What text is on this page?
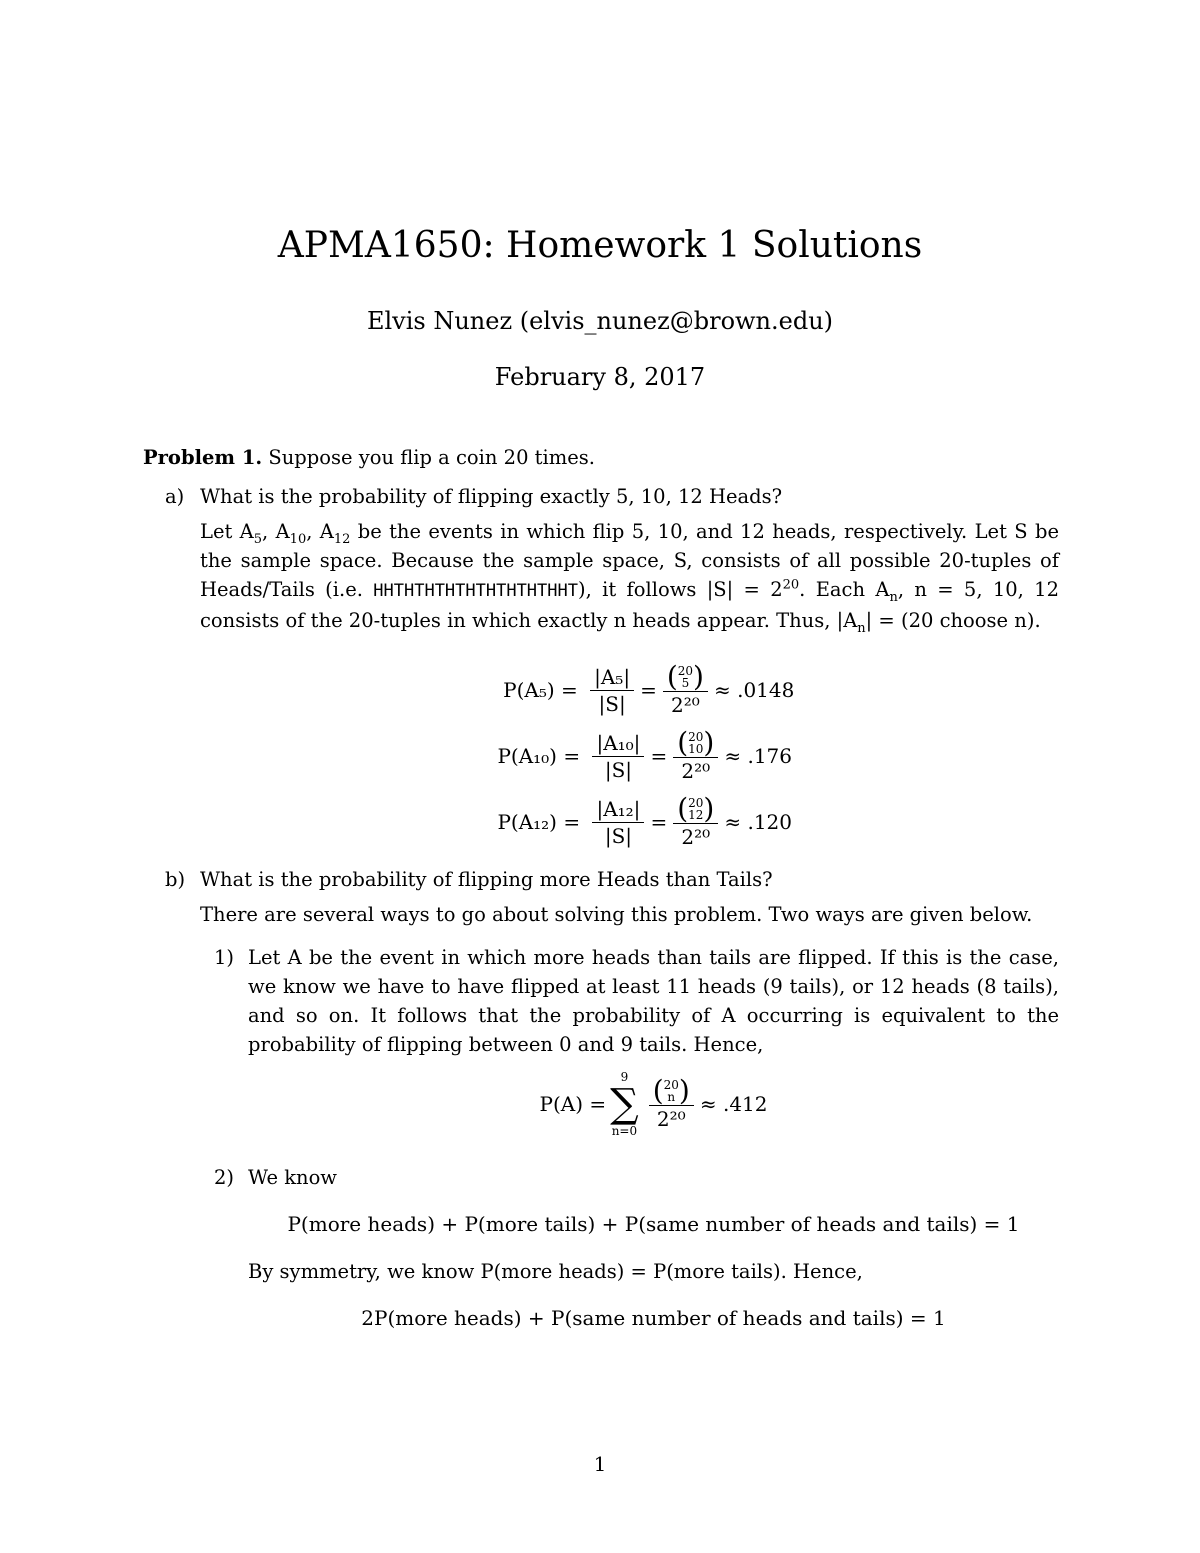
APMA1650: Homework 1 Solutions
Elvis Nunez (elvis_nunez@brown.edu)
February 8, 2017

Problem 1. Suppose you flip a coin 20 times.

a) What is the probability of flipping exactly 5, 10, 12 Heads?

Let $A_5$, $A_{10}$, $A_{12}$ be the events in which flip 5, 10, and 12 heads, respectively. Let S be the sample space. Because the sample space, S, consists of all possible 20-tuples of Heads/Tails (i.e. HHTHTHTHTHTHTHTHTHHT), it follows $|S| = 2^{20}$. Each $A_n$, n = 5, 10, 12 consists of the 20-tuples in which exactly n heads appear. Thus, $|A_n| = (20$ choose n).

$P(A_5) = \frac{\text{|A₅|}}{|S|}$ = ( 20
5 )
2²⁰ ≈ .0148
$P(A_{10}) = \frac{\text{|A₁₀|}}{|S|}$ = ( 20
10 )
2²⁰ ≈ .176
$P(A_{12}) = \frac{\text{|A₁₂|}}{|S|}$ = ( 20
12 )
2²⁰ ≈ .120
b) What is the probability of flipping more Heads than Tails?

There are several ways to go about solving this problem. Two ways are given below.

1) Let A be the event in which more heads than tails are flipped. If this is the case, we know we have to have flipped at least 11 heads (9 tails), or 12 heads (8 tails), and so on. It follows that the probability of A occurring is equivalent to the probability of flipping between 0 and 9 tails. Hence,

P(A) =
9
∑
n=0 ( 20
n )
2²⁰ ≈ .412
2) We know

P(more heads) + P(more tails) + P(same number of heads and tails) = 1

By symmetry, we know P(more heads) = P(more tails). Hence,

2P(more heads) + P(same number of heads and tails) = 1
1
